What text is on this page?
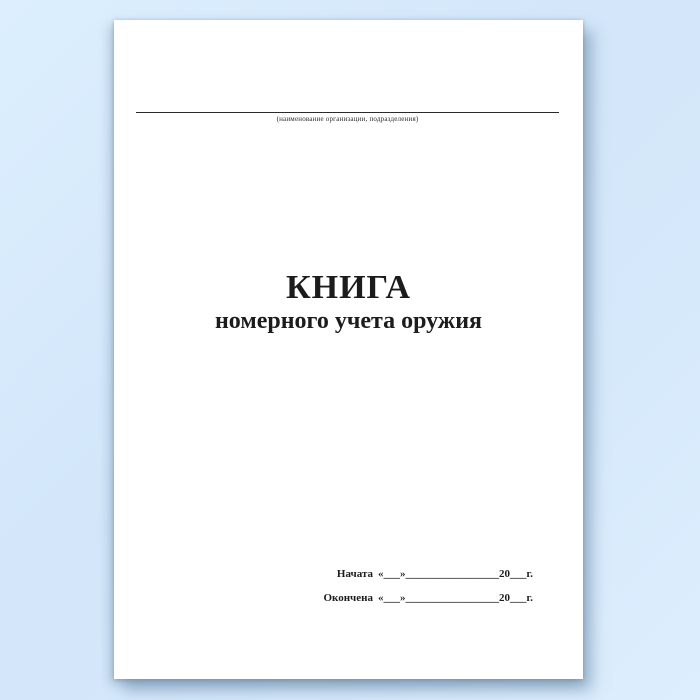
(наименование организации, подразделения)
КНИГА
номерного учета оружия
Начата «___» _________________ 20 ___ г.
Окончена «___» _________________ 20 ___ г.
